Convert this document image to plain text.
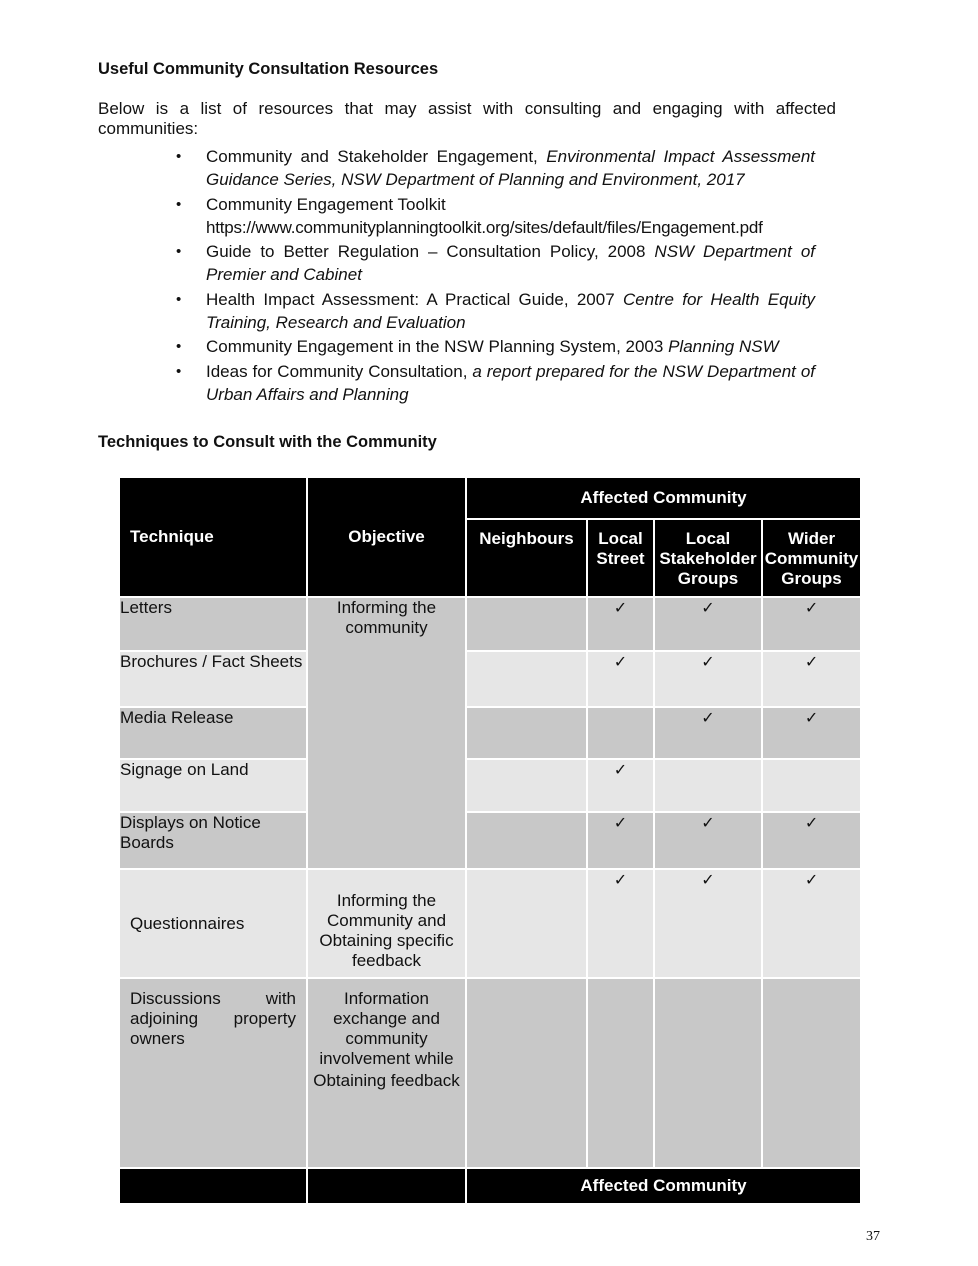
Useful Community Consultation Resources

Below is a list of resources that may assist with consulting and engaging with affected communities:

• Community and Stakeholder Engagement, Environmental Impact Assessment Guidance Series, NSW Department of Planning and Environment, 2017
• Community Engagement Toolkit
https://www.communityplanningtoolkit.org/sites/default/files/Engagement.pdf
• Guide to Better Regulation – Consultation Policy, 2008 NSW Department of Premier and Cabinet
• Health Impact Assessment: A Practical Guide, 2007 Centre for Health Equity Training, Research and Evaluation
• Community Engagement in the NSW Planning System, 2003 Planning NSW
• Ideas for Community Consultation, a report prepared for the NSW Department of Urban Affairs and Planning
Techniques to Consult with the Community
Technique	Objective	Affected Community			
		Neighbours	Local Street	Local Stakeholder Groups	Wider Community Groups
Letters	Informing the community		✓	✓	✓
Brochures / Fact Sheets			✓	✓	✓
Media Release				✓	✓
Signage on Land			✓		
Displays on Notice Boards			✓	✓	✓
Questionnaires	Informing the Community and Obtaining specific feedback		✓	✓	✓
Discussions with adjoining property owners	Information exchange and community involvement while
Obtaining feedback				

		Affected Community			
37
